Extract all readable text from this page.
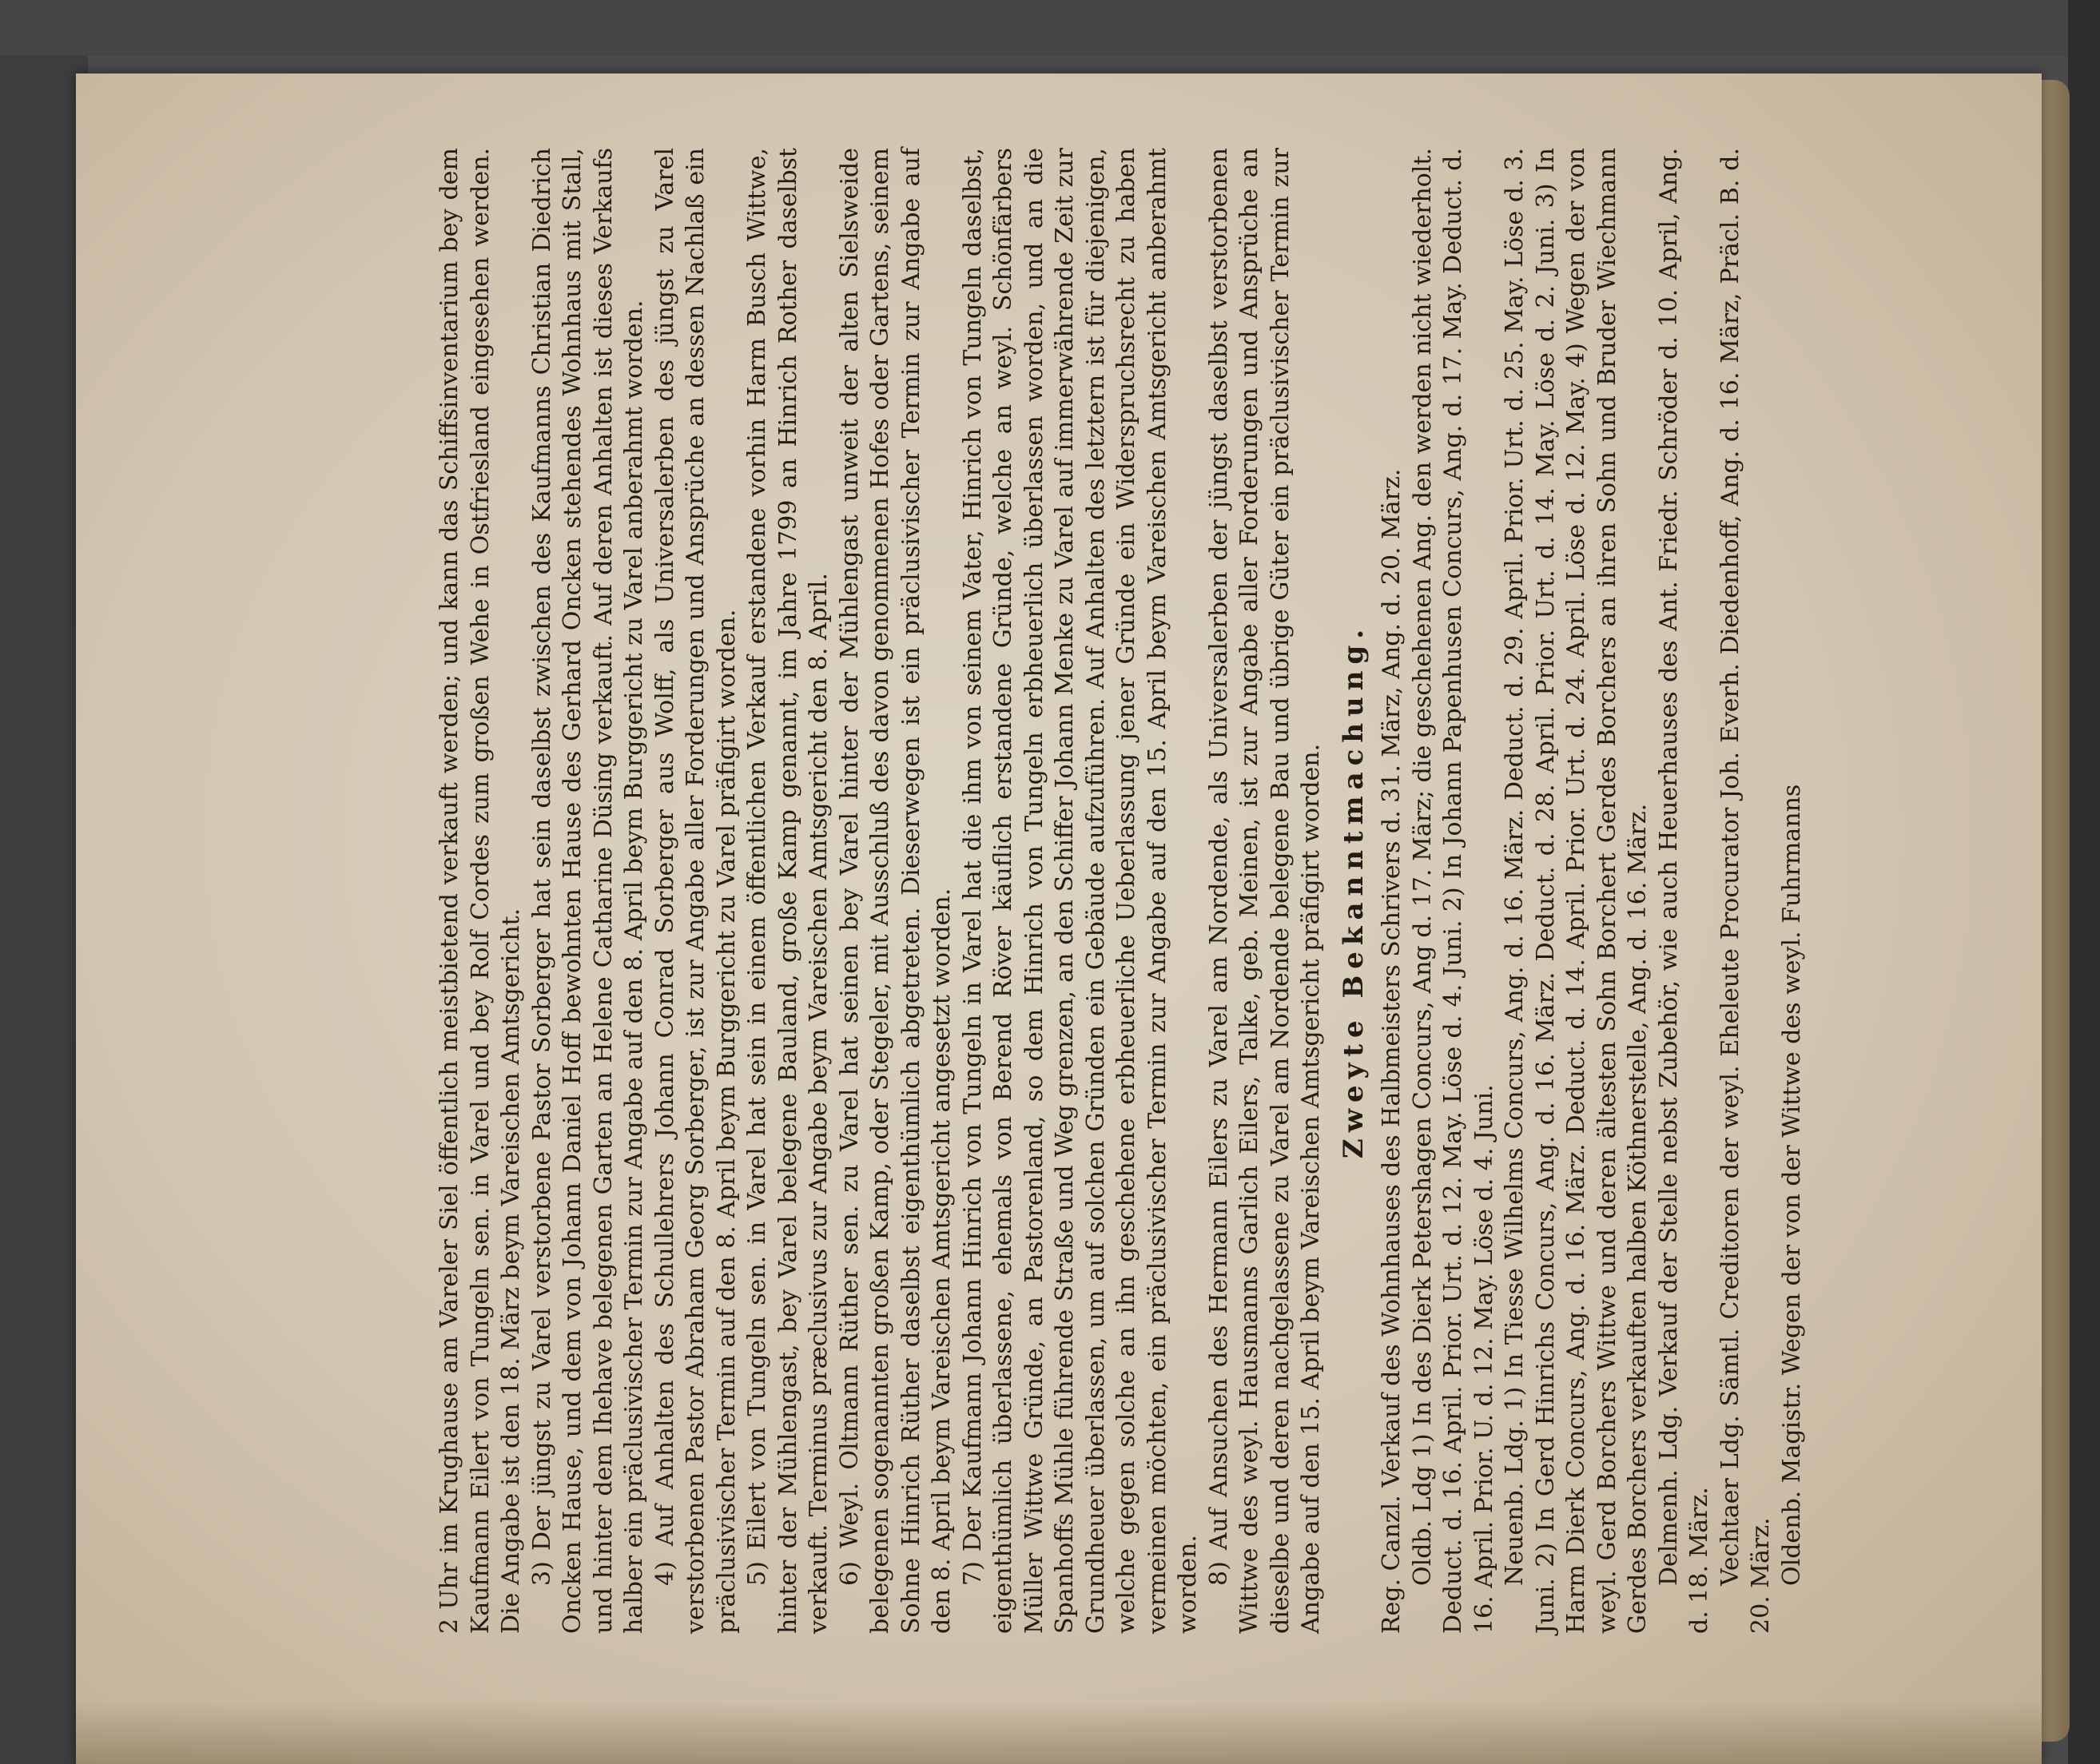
2 Uhr im Krughause am Vareler Siel öffentlich meistbietend verkauft werden; und kann das Schiffsinventarium bey dem Kaufmann Eilert von Tungeln sen. in Varel und bey Rolf Cordes zum großen Wehe in Ostfriesland eingesehen werden. Die Angabe ist den 18. März beym Vareischen Amtsgericht. 3) Der jüngst zu Varel verstorbene Pastor Sorberger hat sein daselbst zwischen des Kaufmanns Christian Diedrich Oncken Hause, und dem von Johann Daniel Hoff bewohnten Hause des Gerhard Oncken stehendes Wohnhaus mit Stall, und hinter dem Ihehave belegenen Garten an Helene Catharine Düsing verkauft. Auf deren Anhalten ist dieses Verkaufs halber ein präclusivischer Termin zur Angabe auf den 8. April beym Burggericht zu Varel anberahmt worden. 4) Auf Anhalten des Schullehrers Johann Conrad Sorberger aus Wolff, als Universalerben des jüngst zu Varel verstorbenen Pastor Abraham Georg Sorberger, ist zur Angabe aller Forderungen und Ansprüche an dessen Nachlaß ein präclusivischer Termin auf den 8. April beym Burggericht zu Varel präfigirt worden. 5) Eilert von Tungeln sen. in Varel hat sein in einem öffentlichen Verkauf erstandene vorhin Harm Busch Wittwe, hinter der Mühlengast, bey Varel belegene Bauland, große Kamp genannt, im Jahre 1799 an Hinrich Rother daselbst verkauft. Terminus præclusivus zur Angabe beym Vareischen Amtsgericht den 8. April. 6) Weyl. Oltmann Rüther sen. zu Varel hat seinen bey Varel hinter der Mühlengast unweit der alten Sielsweide belegenen sogenannten großen Kamp, oder Stegeler, mit Ausschluß des davon genommenen Hofes oder Gartens, seinem Sohne Hinrich Rüther daselbst eigenthümlich abgetreten. Dieserwegen ist ein präclusivischer Termin zur Angabe auf den 8. April beym Vareischen Amtsgericht angesetzt worden. 7) Der Kaufmann Johann Hinrich von Tungeln in Varel hat die ihm von seinem Vater, Hinrich von Tungeln daselbst, eigenthümlich überlassene, ehemals von Berend Röver käuflich erstandene Gründe, welche an weyl. Schönfärbers Müller Wittwe Gründe, an Pastorenland, so dem Hinrich von Tungeln erbheuerlich überlassen worden, und an die Spanhoffs Mühle führende Straße und Weg grenzen, an den Schiffer Johann Menke zu Varel auf immerwährende Zeit zur Grundheuer überlassen, um auf solchen Gründen ein Gebäude aufzuführen. Auf Anhalten des letztern ist für diejenigen, welche gegen solche an ihn geschehene erbheuerliche Ueberlassung jener Gründe ein Widerspruchsrecht zu haben vermeinen möchten, ein präclusivischer Termin zur Angabe auf den 15. April beym Vareischen Amtsgericht anberahmt worden. 8) Auf Ansuchen des Hermann Eilers zu Varel am Nordende, als Universalerben der jüngst daselbst verstorbenen Wittwe des weyl. Hausmanns Garlich Eilers, Talke, geb. Meinen, ist zur Angabe aller Forderungen und Ansprüche an dieselbe und deren nachgelassene zu Varel am Nordende belegene Bau und übrige Güter ein präclusivischer Termin zur Angabe auf den 15. April beym Vareischen Amtsgericht präfigirt worden. Zweyte Bekanntmachung. Reg. Canzl. Verkauf des Wohnhauses des Halbmeisters Schrivers d. 31. März, Ang. d. 20. März. Oldb. Ldg 1) In des Dierk Petershagen Concurs, Ang d. 17. März; die geschehenen Ang. den werden nicht wiederholt. Deduct. d. 16. April. Prior. Urt. d. 12. May. Löse d. 4. Juni. 2) In Johann Papenhusen Concurs, Ang. d. 17. May. Deduct. d. 16. April. Prior. U. d. 12. May. Löse d. 4. Juni. Neuenb. Ldg. 1) In Tiesse Wilhelms Concurs, Ang. d. 16. März. Deduct. d. 29. April. Prior. Urt. d. 25. May. Löse d. 3. Juni. 2) In Gerd Hinrichs Concurs, Ang. d. 16. März. Deduct. d. 28. April. Prior. Urt. d. 14. May. Löse d. 2. Juni. 3) In Harm Dierk Concurs, Ang. d. 16. März. Deduct. d. 14. April. Prior. Urt. d. 24. April. Löse d. 12. May. 4) Wegen der von weyl. Gerd Borchers Wittwe und deren ältesten Sohn Borchert Gerdes Borchers an ihren Sohn und Bruder Wiechmann Gerdes Borchers verkauften halben Köthnerstelle, Ang. d. 16. März. Delmenh. Ldg. Verkauf der Stelle nebst Zubehör, wie auch Heuerhauses des Ant. Friedr. Schröder d. 10. April, Ang. d. 18. März. Vechtaer Ldg. Sämtl. Creditoren der weyl. Eheleute Procurator Joh. Everh. Diedenhoff, Ang. d. 16. März, Präcl. B. d. 20. März. Oldenb. Magistr. Wegen der von der Wittwe des weyl. Fuhrmanns
